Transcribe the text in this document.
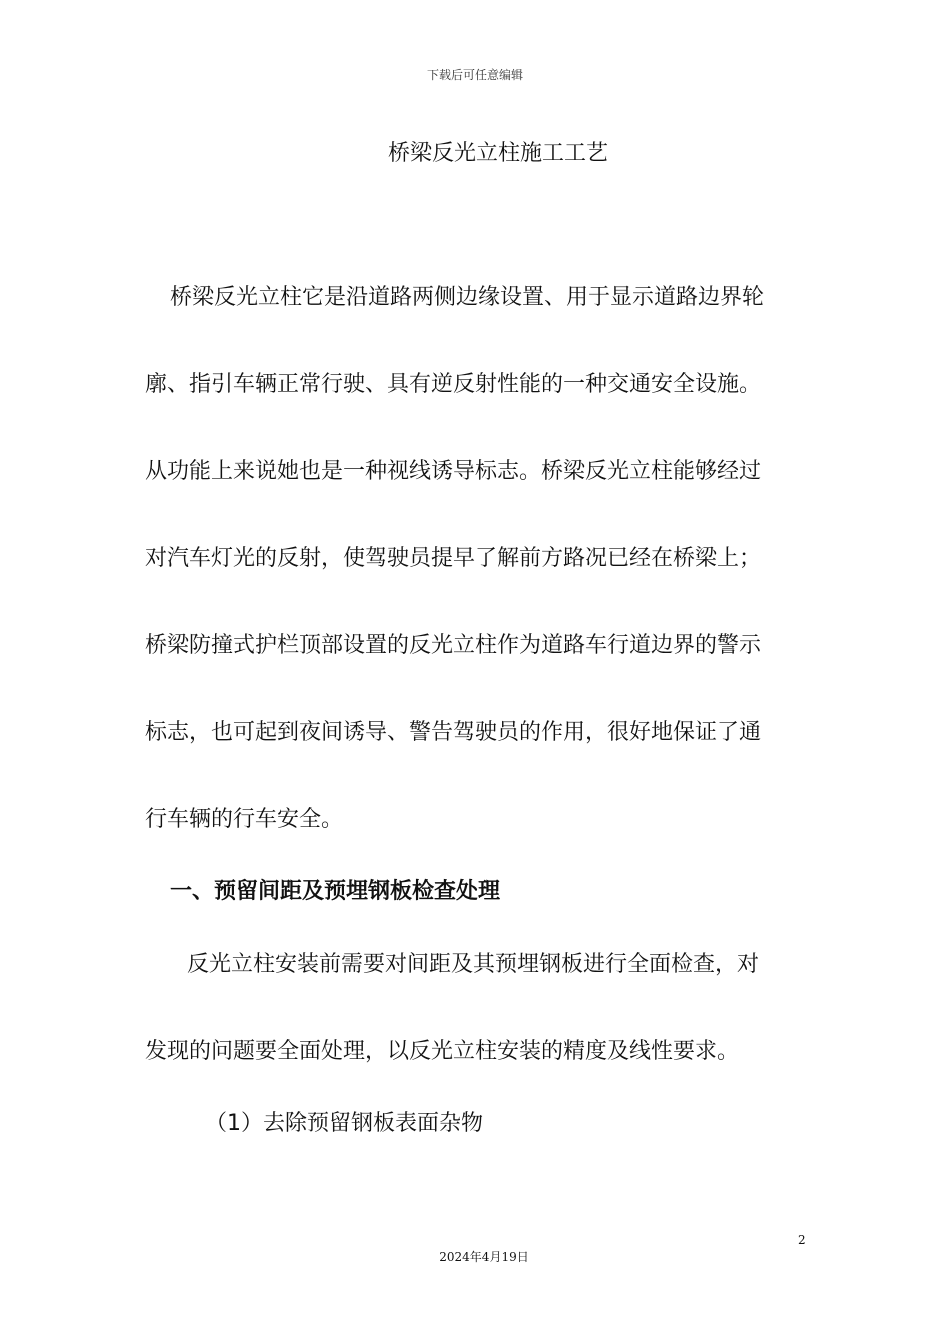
下载后可任意编辑
桥梁反光立柱施工工艺
桥梁反光立柱它是沿道路两侧边缘设置、用于显示道路边界轮
廓、指引车辆正常行驶、具有逆反射性能的一种交通安全设施。
从功能上来说她也是一种视线诱导标志。桥梁反光立柱能够经过
对汽车灯光的反射，使驾驶员提早了解前方路况已经在桥梁上；
桥梁防撞式护栏顶部设置的反光立柱作为道路车行道边界的警示
标志，也可起到夜间诱导、警告驾驶员的作用，很好地保证了通
行车辆的行车安全。
一、预留间距及预埋钢板检查处理
反光立柱安装前需要对间距及其预埋钢板进行全面检查，对
发现的问题要全面处理，以反光立柱安装的精度及线性要求。
（1）去除预留钢板表面杂物
2
2024年4月19日
